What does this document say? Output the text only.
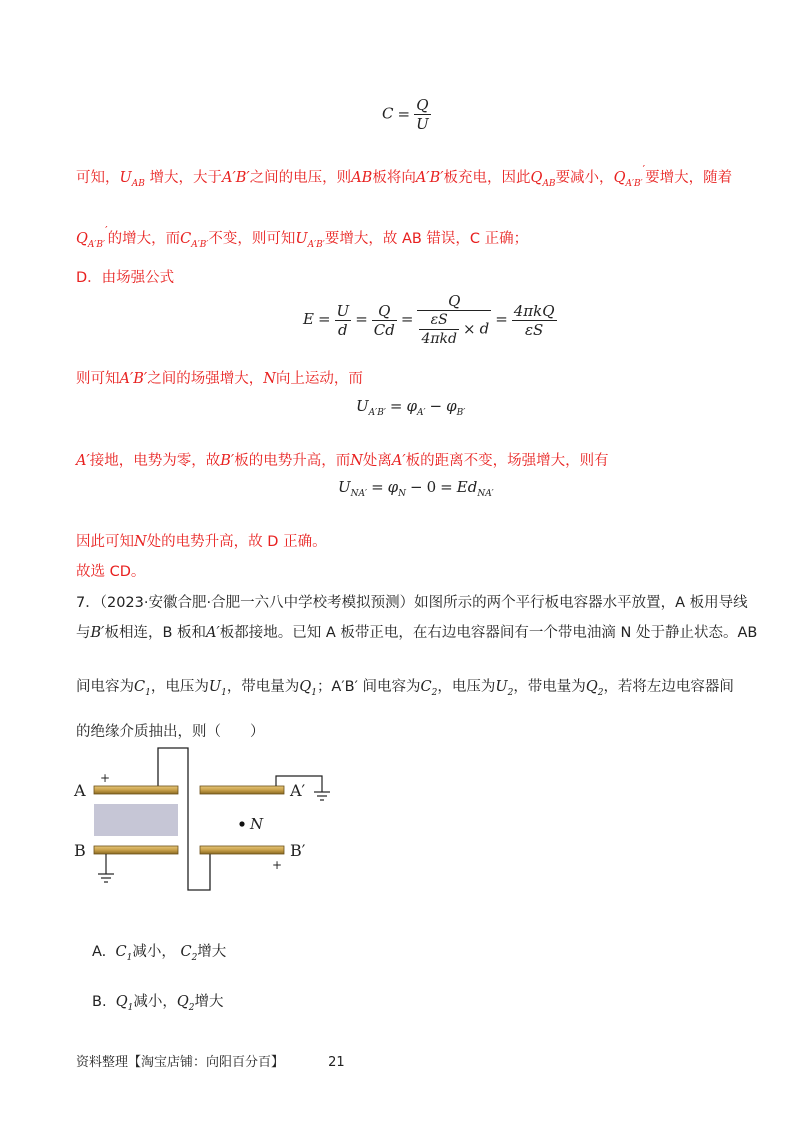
$C = \frac{Q}{U}$
可知，$U_{AB}$ 增大，大于A′B′之间的电压，则AB板将向A′B′板充电，因此$Q_{AB}$要减小，$Q_{A'B'}'$要增大，随着
$Q_{A'B'}'$的增大，而$C_{A'B'}$不变，则可知$U_{A'B'}$要增大，故 AB 错误，C 正确；
D．由场强公式
$E = \frac{U}{d} = \frac{Q}{Cd} = \frac{Q}{\frac{\varepsilon S}{\text{4πkd}} \times d} = \frac{\text{4πkQ}}{\varepsilon S}$
则可知A′B′之间的场强增大，N向上运动，而
$U_{A'B'} = \varphi_{A'} - \varphi_{B'}$
A′接地，电势为零，故B′板的电势升高，而N处离A′板的距离不变，场强增大，则有
$U_{NA'} = \varphi_N - 0 = Ed_{NA'}$
因此可知N处的电势升高，故 D 正确。
故选 CD。
7．（2023·安徽合肥·合肥一六八中学校考模拟预测）如图所示的两个平行板电容器水平放置，A 板用导线
与B′板相连，B 板和A′板都接地。已知 A 板带正电，在右边电容器间有一个带电油滴 N 处于静止状态。AB
间电容为$C_1$，电压为$U_1$，带电量为$Q_1$；A′B′ 间电容为$C_2$，电压为$U_2$，带电量为$Q_2$，若将左边电容器间
的绝缘介质抽出，则（　　）
N
A
B
A′
B′
+
+
A. $C_1$减小， $C_2$增大
B. $Q_1$减小，$Q_2$增大
资料整理【淘宝店铺：向阳百分百】	21
